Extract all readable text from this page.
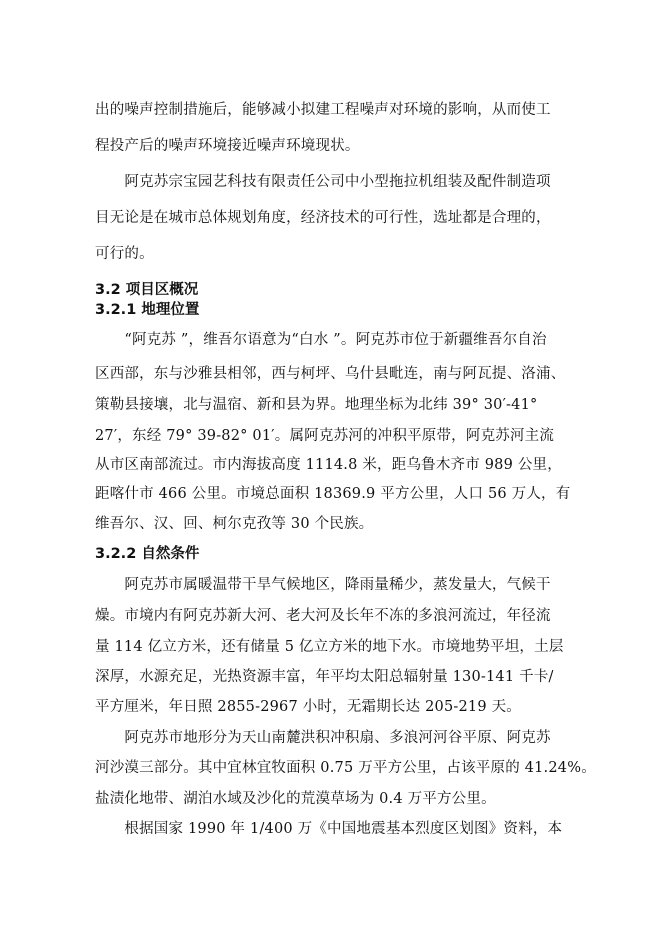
出的噪声控制措施后，能够减小拟建工程噪声对环境的影响，从而使工
程投产后的噪声环境接近噪声环境现状。
　　阿克苏宗宝园艺科技有限责任公司中小型拖拉机组装及配件制造项
目无论是在城市总体规划角度，经济技术的可行性，选址都是合理的，
可行的。
3.2 项目区概况
3.2.1 地理位置
　　“阿克苏 ”，维吾尔语意为“白水 ”。阿克苏市位于新疆维吾尔自治
区西部，东与沙雅县相邻，西与柯坪、乌什县毗连，南与阿瓦提、洛浦、
策勒县接壤，北与温宿、新和县为界。地理坐标为北纬 39° 30′-41°
27′，东经 79° 39-82° 01′。属阿克苏河的冲积平原带，阿克苏河主流
从市区南部流过。市内海拔高度 1114.8 米，距乌鲁木齐市 989 公里，
距喀什市 466 公里。市境总面积 18369.9 平方公里，人口 56 万人，有
维吾尔、汉、回、柯尔克孜等 30 个民族。
3.2.2 自然条件
　　阿克苏市属暖温带干旱气候地区，降雨量稀少，蒸发量大，气候干
燥。市境内有阿克苏新大河、老大河及长年不冻的多浪河流过，年径流
量 114 亿立方米，还有储量 5 亿立方米的地下水。市境地势平坦，土层
深厚，水源充足，光热资源丰富，年平均太阳总辐射量 130-141 千卡/
平方厘米，年日照 2855-2967 小时，无霜期长达 205-219 天。
　　阿克苏市地形分为天山南麓洪积冲积扇、多浪河河谷平原、阿克苏
河沙漠三部分。其中宜林宜牧面积 0.75 万平方公里，占该平原的 41.24%。
盐渍化地带、湖泊水域及沙化的荒漠草场为 0.4 万平方公里。
　　根据国家 1990 年 1/400 万《中国地震基本烈度区划图》资料，本
